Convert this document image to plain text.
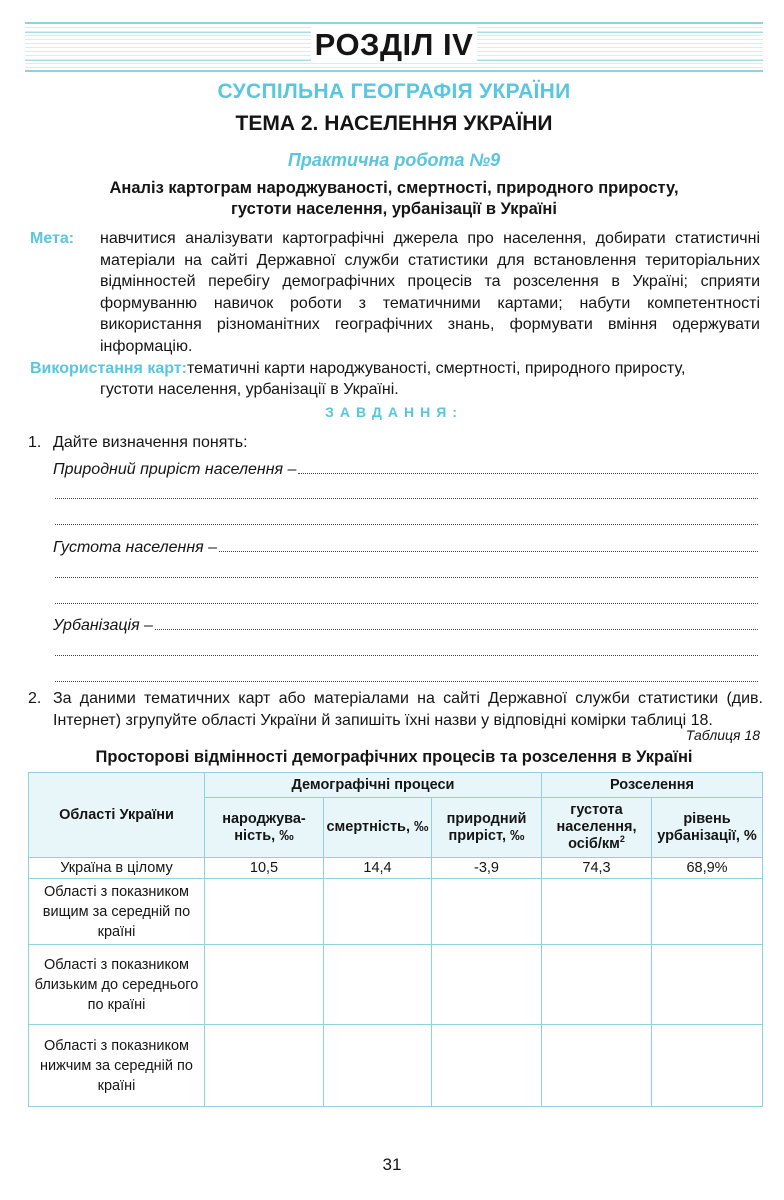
РОЗДІЛ IV
СУСПІЛЬНА ГЕОГРАФІЯ УКРАЇНИ
ТЕМА 2. НАСЕЛЕННЯ УКРАЇНИ
Практична робота №9
Аналіз картограм народжуваності, смертності, природного приросту,
густоти населення, урбанізації в Україні
Мета: навчитися аналізувати картографічні джерела про населення, добирати статистичні матеріали на сайті Державної служби статистики для встановлення територіальних відмінностей перебігу демографічних процесів та розселення в Україні; сприяти формуванню навичок роботи з тематичними картами; набути компетентності використання різноманітних географічних знань, формувати вміння одержувати інформацію.
Використання карт:тематичні карти народжуваності, смертності, природного приросту,
густоти населення, урбанізації в Україні.
ЗАВДАННЯ:
1. Дайте визначення понять:
Природний приріст населення –
Густота населення –
Урбанізація –
2. За даними тематичних карт або матеріалами на сайті Державної служби статистики (див. Інтернет) згрупуйте області України й запишіть їхні назви у відповідні комірки таблиці 18.
Таблиця 18
Просторові відмінності демографічних процесів та розселення в Україні
Області України	Демографічні процеси			Розселення	
	народжува-ність, ‰	смертність, ‰	природний приріст, ‰	густота населення, осіб/$км^2$	рівень урбанізації, %
Україна в цілому	10,5	14,4	-3,9	74,3	68,9%
Області з показником вищим за середній по країні					
Області з показником близьким до середнього по країні					
Області з показником нижчим за середній по країні					
31
